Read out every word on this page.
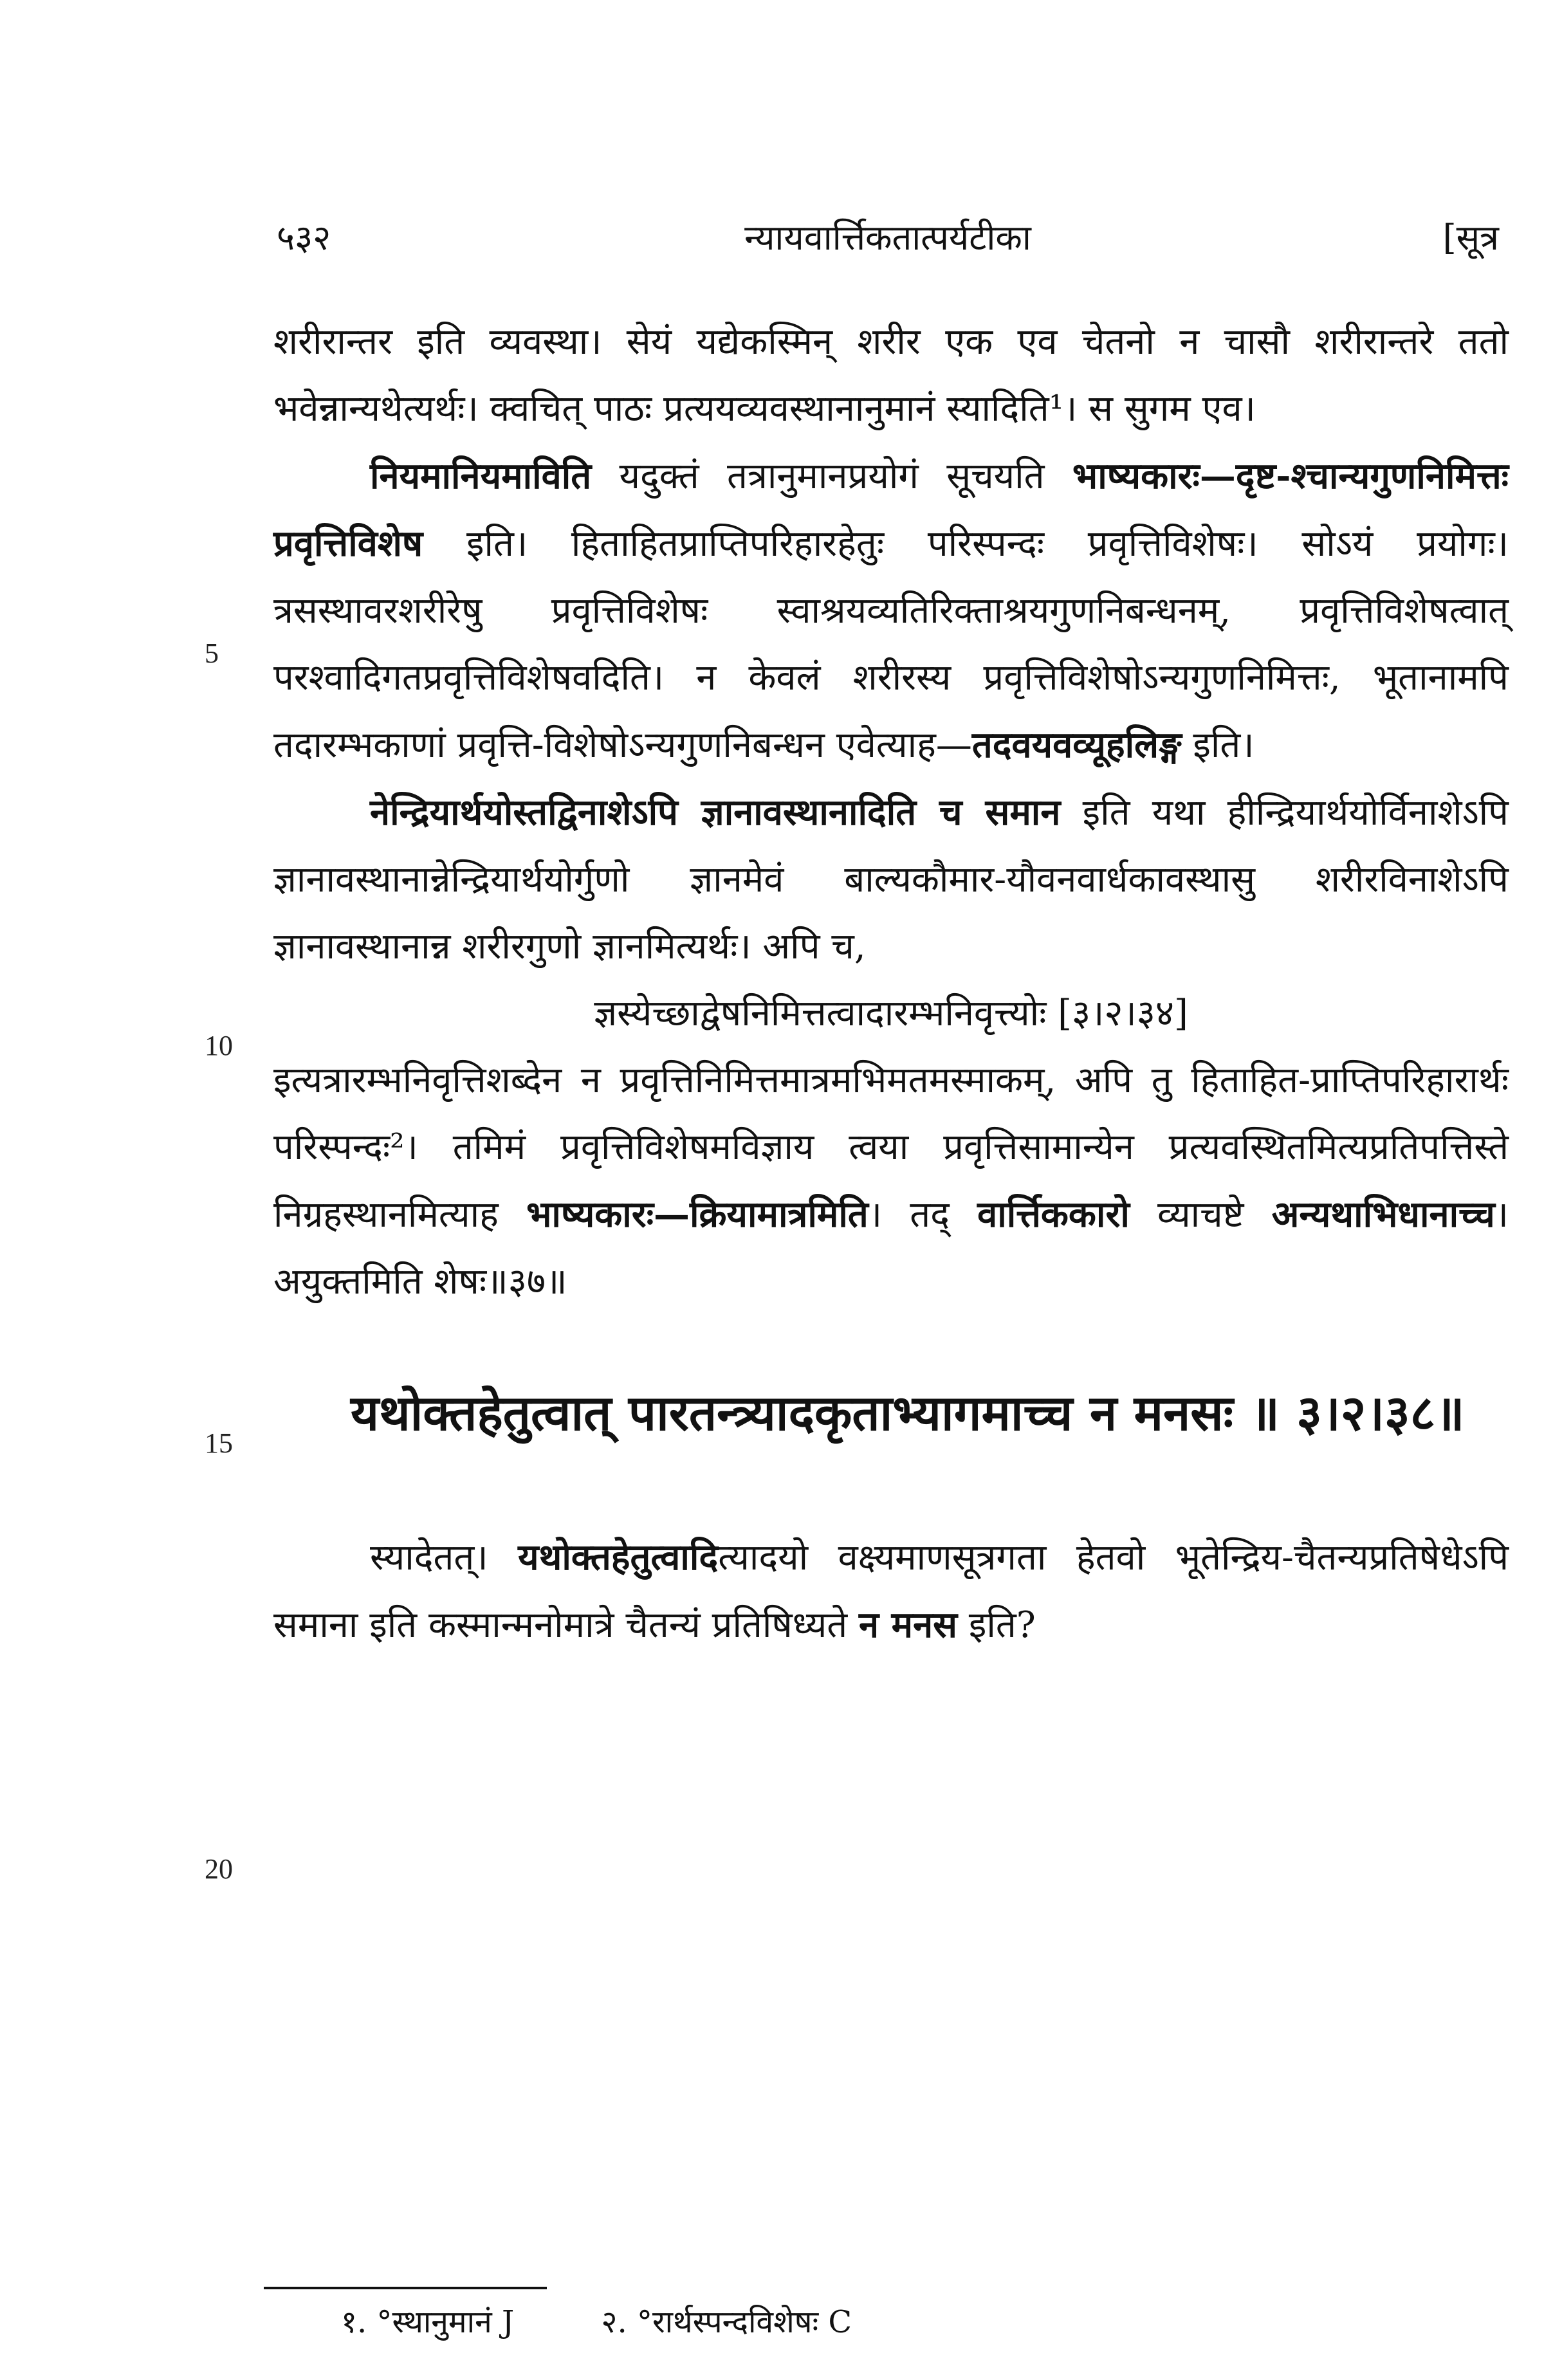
५३२	न्यायवार्त्तिकतात्पर्यटीका	[सूत्र
5
10
15
20

शरीरान्तर इति व्यवस्था। सेयं यद्येकस्मिन् शरीर एक एव चेतनो न चासौ शरीरान्तरे ततो भवेन्नान्यथेत्यर्थः। क्वचित् पाठः प्रत्ययव्यवस्थानानुमानं स्यादिति¹। स सुगम एव।

नियमानियमाविति यदुक्तं तत्रानुमानप्रयोगं सूचयति भाष्यकारः—दृष्ट-श्चान्यगुणनिमित्तः प्रवृत्तिविशेष इति। हिताहितप्राप्तिपरिहारहेतुः परिस्पन्दः प्रवृत्तिविशेषः। सोऽयं प्रयोगः। त्रसस्थावरशरीरेषु प्रवृत्तिविशेषः स्वाश्रयव्यतिरिक्ताश्रयगुणनिबन्धनम्, प्रवृत्तिविशेषत्वात् परश्वादिगतप्रवृत्तिविशेषवदिति। न केवलं शरीरस्य प्रवृत्तिविशेषोऽन्यगुणनिमित्तः, भूतानामपि तदारम्भकाणां प्रवृत्ति-विशेषोऽन्यगुणनिबन्धन एवेत्याह—तदवयवव्यूहलिङ्ग इति।

नेन्द्रियार्थयोस्तद्विनाशेऽपि ज्ञानावस्थानादिति च समान इति यथा हीन्द्रियार्थयोर्विनाशेऽपि ज्ञानावस्थानान्नेन्द्रियार्थयोर्गुणो ज्ञानमेवं बाल्यकौमार-यौवनवार्धकावस्थासु शरीरविनाशेऽपि ज्ञानावस्थानान्न शरीरगुणो ज्ञानमित्यर्थः। अपि च,

ज्ञस्येच्छाद्वेषनिमित्तत्वादारम्भनिवृत्त्योः [३।२।३४]

इत्यत्रारम्भनिवृत्तिशब्देन न प्रवृत्तिनिमित्तमात्रमभिमतमस्माकम्, अपि तु हिताहित-प्राप्तिपरिहारार्थः परिस्पन्दः²। तमिमं प्रवृत्तिविशेषमविज्ञाय त्वया प्रवृत्तिसामान्येन प्रत्यवस्थितमित्यप्रतिपत्तिस्ते निग्रहस्थानमित्याह भाष्यकारः—क्रियामात्रमिति। तद् वार्त्तिककारो व्याचष्टे अन्यथाभिधानाच्च। अयुक्तमिति शेषः॥३७॥

यथोक्तहेतुत्वात् पारतन्त्र्यादकृताभ्यागमाच्च न मनसः ॥ ३।२।३८॥

स्यादेतत्। यथोक्तहेतुत्वादित्यादयो वक्ष्यमाणसूत्रगता हेतवो भूतेन्द्रिय-चैतन्यप्रतिषेधेऽपि समाना इति कस्मान्मनोमात्रे चैतन्यं प्रतिषिध्यते न मनस इति?

१. °स्थानुमानं J	२. °रार्थस्पन्दविशेषः C
